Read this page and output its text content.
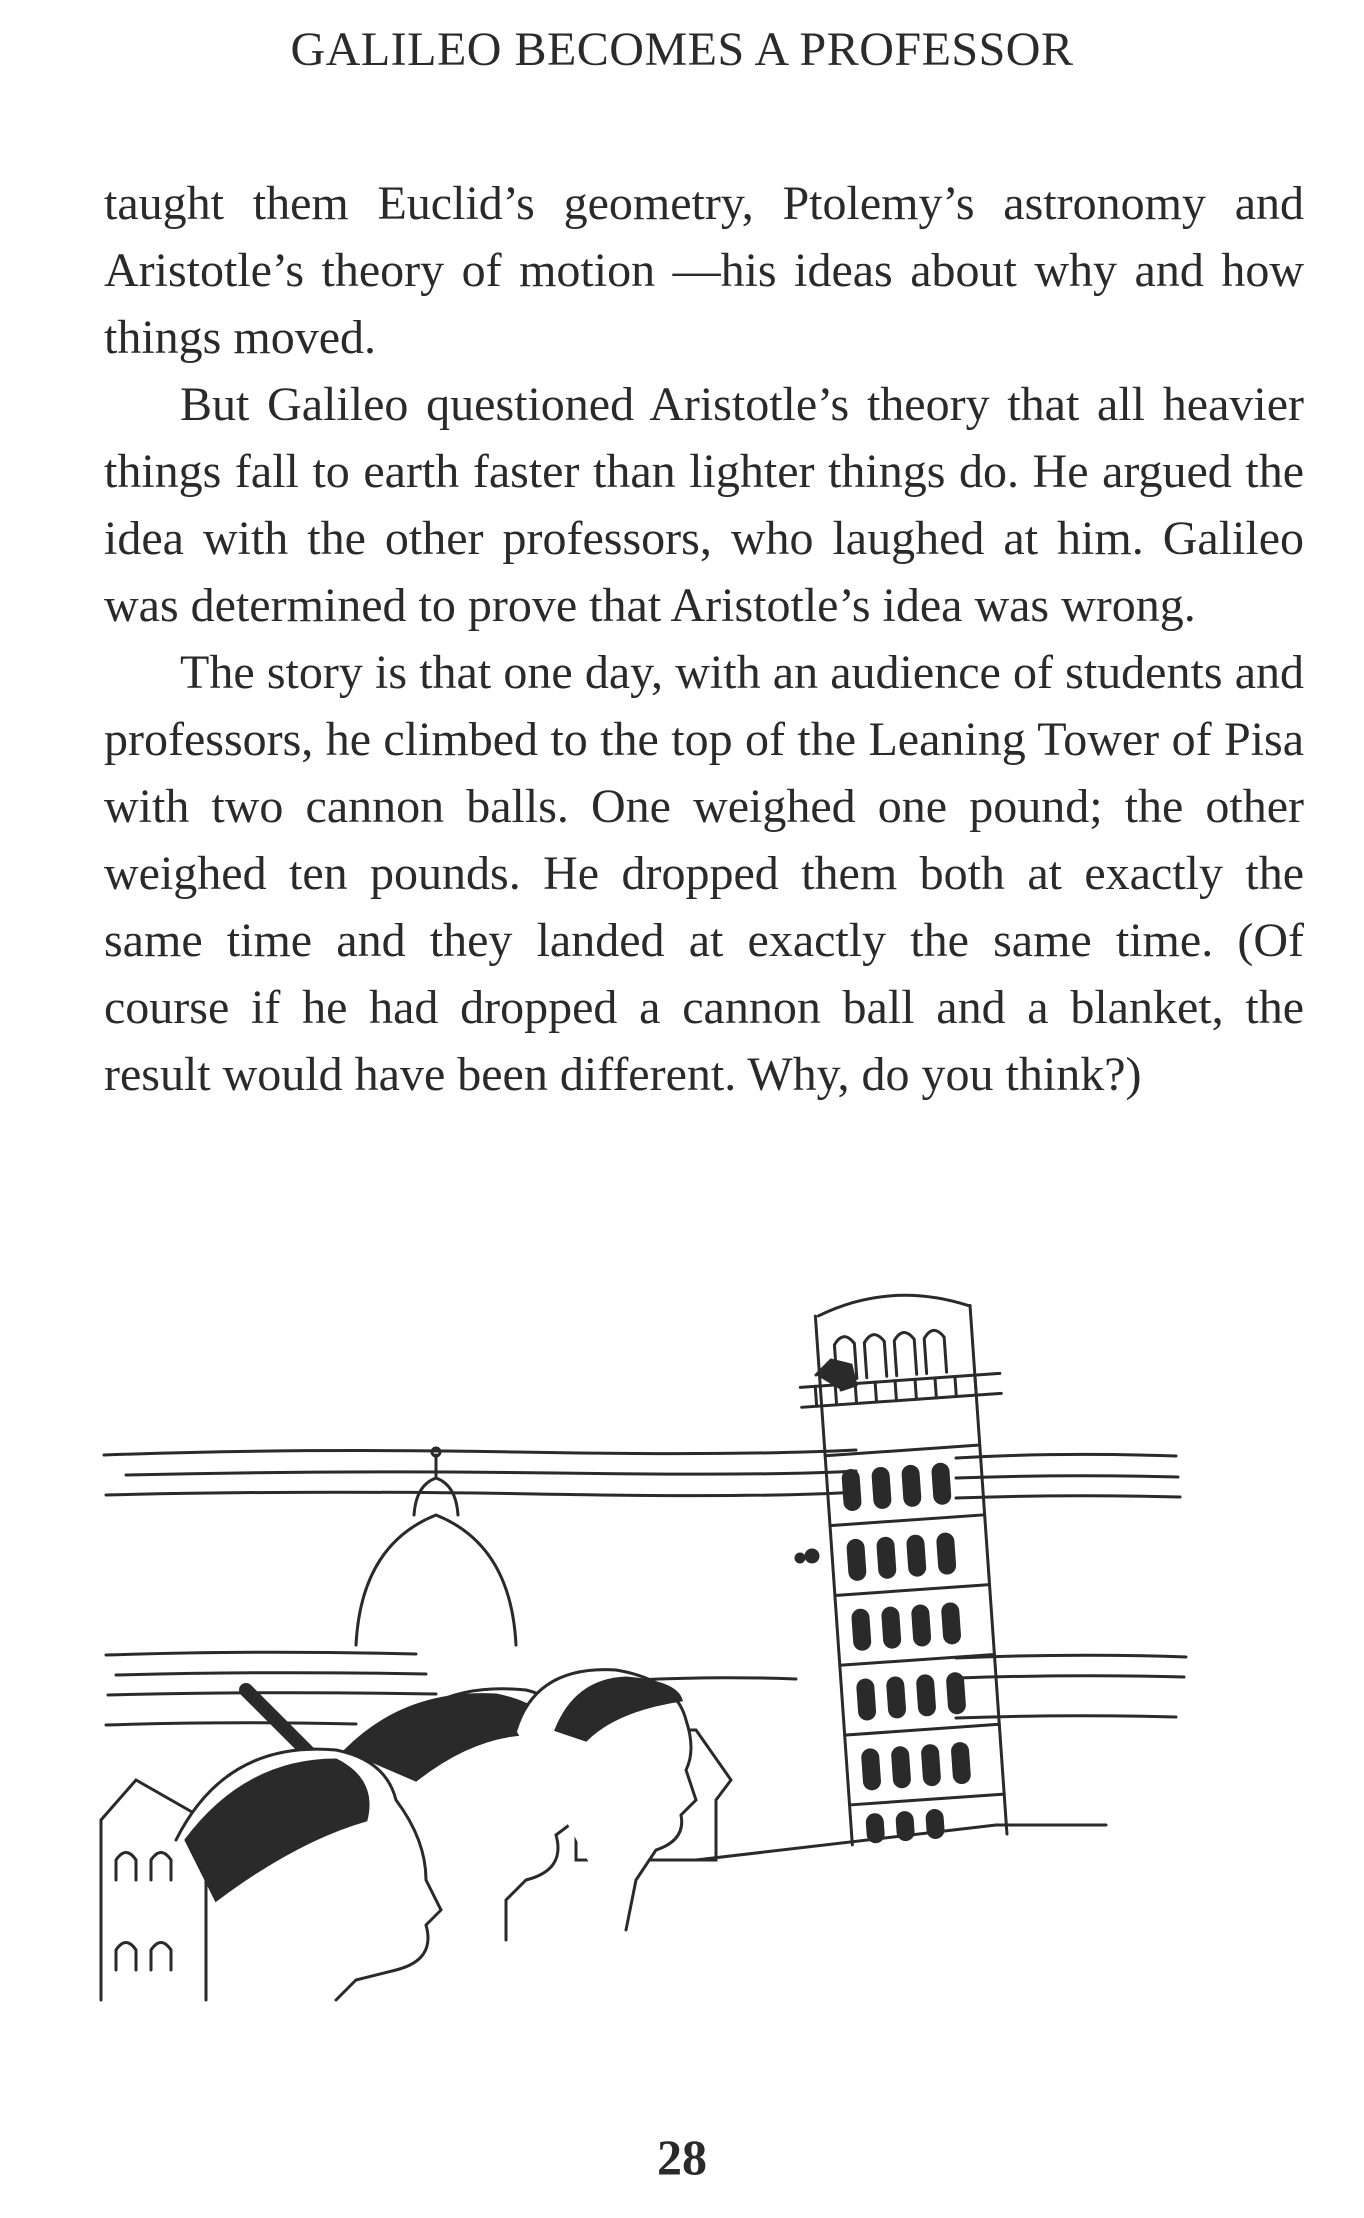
GALILEO BECOMES A PROFESSOR

taught them Euclid’s geometry, Ptolemy’s astronomy and Aristotle’s theory of motion —his ideas about why and how things moved.

But Galileo questioned Aristotle’s theory that all heavier things fall to earth faster than lighter things do. He argued the idea with the other professors, who laughed at him. Galileo was determined to prove that Aristotle’s idea was wrong.

The story is that one day, with an audience of students and professors, he climbed to the top of the Leaning Tower of Pisa with two cannon balls. One weighed one pound; the other weighed ten pounds. He dropped them both at exactly the same time and they landed at exactly the same time. (Of course if he had dropped a cannon ball and a blanket, the result would have been different. Why, do you think?)

28
